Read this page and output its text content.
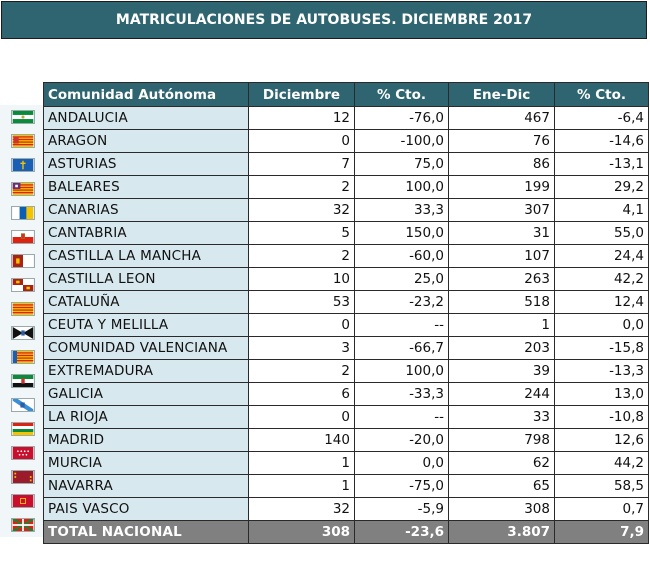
MATRICULACIONES DE AUTOBUSES. DICIEMBRE 2017
Comunidad Autónoma	Diciembre	% Cto.	Ene-Dic	% Cto.
ANDALUCIA	12	-76,0	467	-6,4
ARAGON	0	-100,0	76	-14,6
ASTURIAS	7	75,0	86	-13,1
BALEARES	2	100,0	199	29,2
CANARIAS	32	33,3	307	4,1
CANTABRIA	5	150,0	31	55,0
CASTILLA LA MANCHA	2	-60,0	107	24,4
CASTILLA LEON	10	25,0	263	42,2
CATALUÑA	53	-23,2	518	12,4
CEUTA Y MELILLA	0	--	1	0,0
COMUNIDAD VALENCIANA	3	-66,7	203	-15,8
EXTREMADURA	2	100,0	39	-13,3
GALICIA	6	-33,3	244	13,0
LA RIOJA	0	--	33	-10,8
MADRID	140	-20,0	798	12,6
MURCIA	1	0,0	62	44,2
NAVARRA	1	-75,0	65	58,5
PAIS VASCO	32	-5,9	308	0,7
TOTAL NACIONAL	308	-23,6	3.807	7,9
